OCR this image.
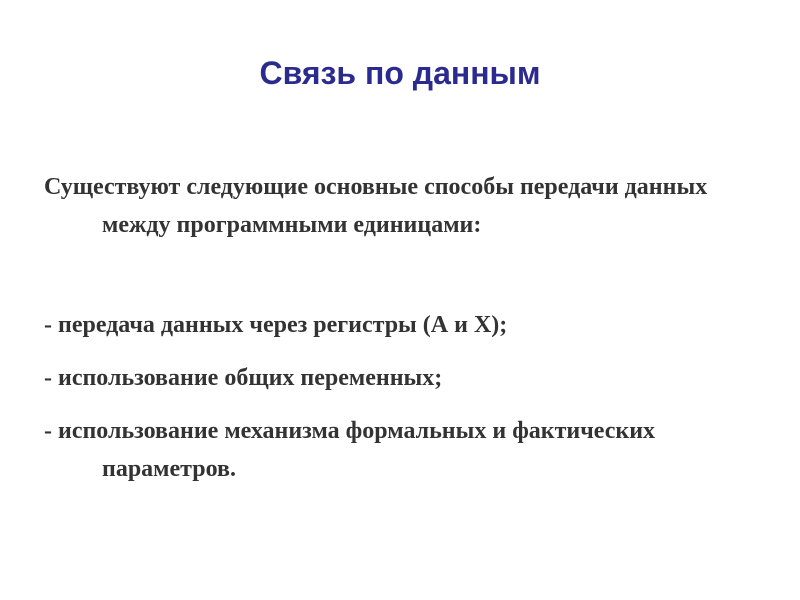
Связь по данным

Существуют следующие основные способы передачи данных между программными единицами:

- передача данных через регистры (А и Х);
- использование общих переменных;
- использование механизма формальных и фактических параметров.
